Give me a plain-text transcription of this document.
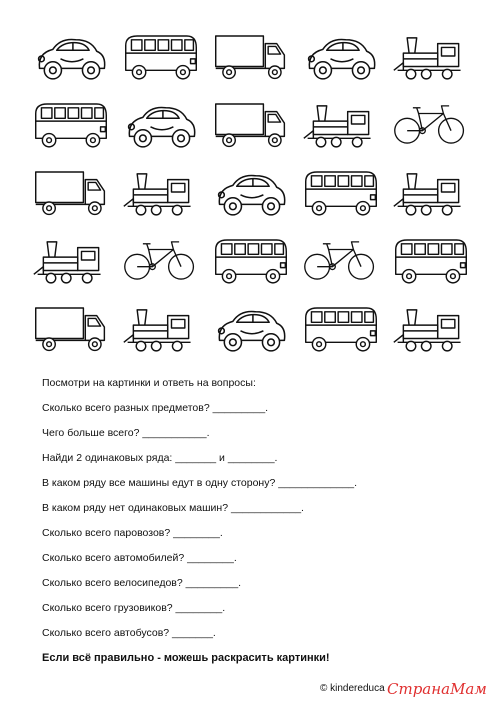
Посмотри на картинки и ответь на вопросы:
Сколько всего разных предметов? _________.
Чего больше всего? ___________.
Найди 2 одинаковых ряда: _______ и ________.
В каком ряду все машины едут в одну сторону? _____________.
В каком ряду нет одинаковых машин? ____________.
Сколько всего паровозов? ________.
Сколько всего автомобилей? ________.
Сколько всего велосипедов? _________.
Сколько всего грузовиков? ________.
Сколько всего автобусов? _______.
Если всё правильно - можешь раскрасить картинки!
© kindereduca СтранаМам
